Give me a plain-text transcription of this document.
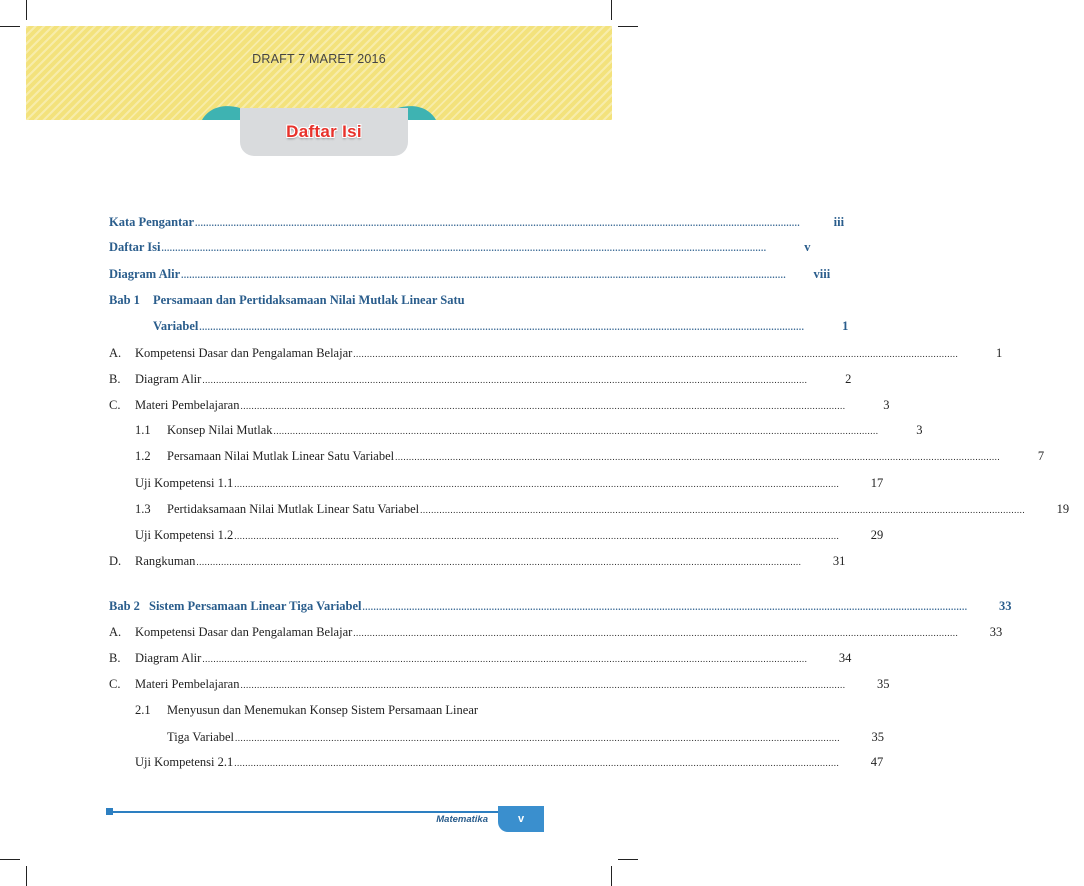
DRAFT 7 MARET 2016
Daftar Isi
Kata Pengantar ............................................................................................................................................................................................................................	iii
Daftar Isi ............................................................................................................................................................................................................................	v
Diagram Alir ............................................................................................................................................................................................................................	viii
Bab 1	Persamaan dan Pertidaksamaan Nilai Mutlak Linear Satu
Variabel ............................................................................................................................................................................................................................	1
A.	Kompetensi Dasar dan Pengalaman Belajar ............................................................................................................................................................................................................................	1
B.	Diagram Alir ............................................................................................................................................................................................................................	2
C.	Materi Pembelajaran ............................................................................................................................................................................................................................	3
1.1	Konsep Nilai Mutlak ............................................................................................................................................................................................................................	3
1.2	Persamaan Nilai Mutlak Linear Satu Variabel ............................................................................................................................................................................................................................	7
Uji Kompetensi 1.1 ............................................................................................................................................................................................................................	17
1.3	Pertidaksamaan Nilai Mutlak Linear Satu Variabel ............................................................................................................................................................................................................................	19
Uji Kompetensi 1.2 ............................................................................................................................................................................................................................	29
D.	Rangkuman ............................................................................................................................................................................................................................	31
Bab 2 Sistem Persamaan Linear Tiga Variabel ............................................................................................................................................................................................................................	33
A.	Kompetensi Dasar dan Pengalaman Belajar ............................................................................................................................................................................................................................	33
B.	Diagram Alir ............................................................................................................................................................................................................................	34
C.	Materi Pembelajaran ............................................................................................................................................................................................................................	35
2.1	Menyusun dan Menemukan Konsep Sistem Persamaan Linear
Tiga Variabel ............................................................................................................................................................................................................................	35
Uji Kompetensi 2.1 ............................................................................................................................................................................................................................	47
Matematika	v
